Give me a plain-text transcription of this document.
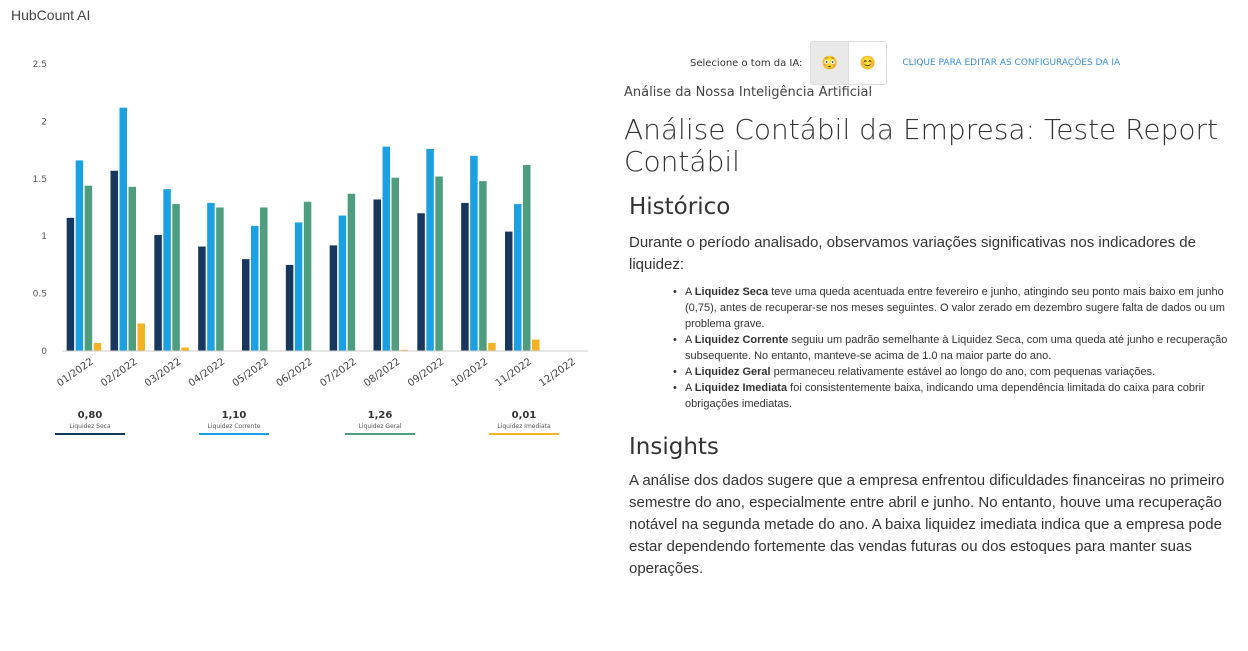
HubCount AI
0
0.5
1
1.5
2
2.5
01/2022 02/2022 03/2022 04/2022 05/2022 06/2022 07/2022 08/2022 09/2022 10/2022 11/2022 12/2022
0,80
Liquidez Seca
1,10
Liquidez Corrente
1,26
Liquidez Geral
0,01
Liquidez Imediata
Selecione o tom da IA: 😳 😊	CLIQUE PARA EDITAR AS CONFIGURAÇÕES DA IA
Análise da Nossa Inteligência Artificial
Análise Contábil da Empresa: Teste Report Contábil
Histórico

Durante o período analisado, observamos variações significativas nos indicadores de liquidez:

• A Liquidez Seca teve uma queda acentuada entre fevereiro e junho, atingindo seu ponto mais baixo em junho (0,75), antes de recuperar-se nos meses seguintes. O valor zerado em dezembro sugere falta de dados ou um problema grave.
• A Liquidez Corrente seguiu um padrão semelhante à Liquidez Seca, com uma queda até junho e recuperação subsequente. No entanto, manteve-se acima de 1.0 na maior parte do ano.
• A Liquidez Geral permaneceu relativamente estável ao longo do ano, com pequenas variações.
• A Liquidez Imediata foi consistentemente baixa, indicando uma dependência limitada do caixa para cobrir obrigações imediatas.
Insights

A análise dos dados sugere que a empresa enfrentou dificuldades financeiras no primeiro semestre do ano, especialmente entre abril e junho. No entanto, houve uma recuperação notável na segunda metade do ano. A baixa liquidez imediata indica que a empresa pode estar dependendo fortemente das vendas futuras ou dos estoques para manter suas operações.
